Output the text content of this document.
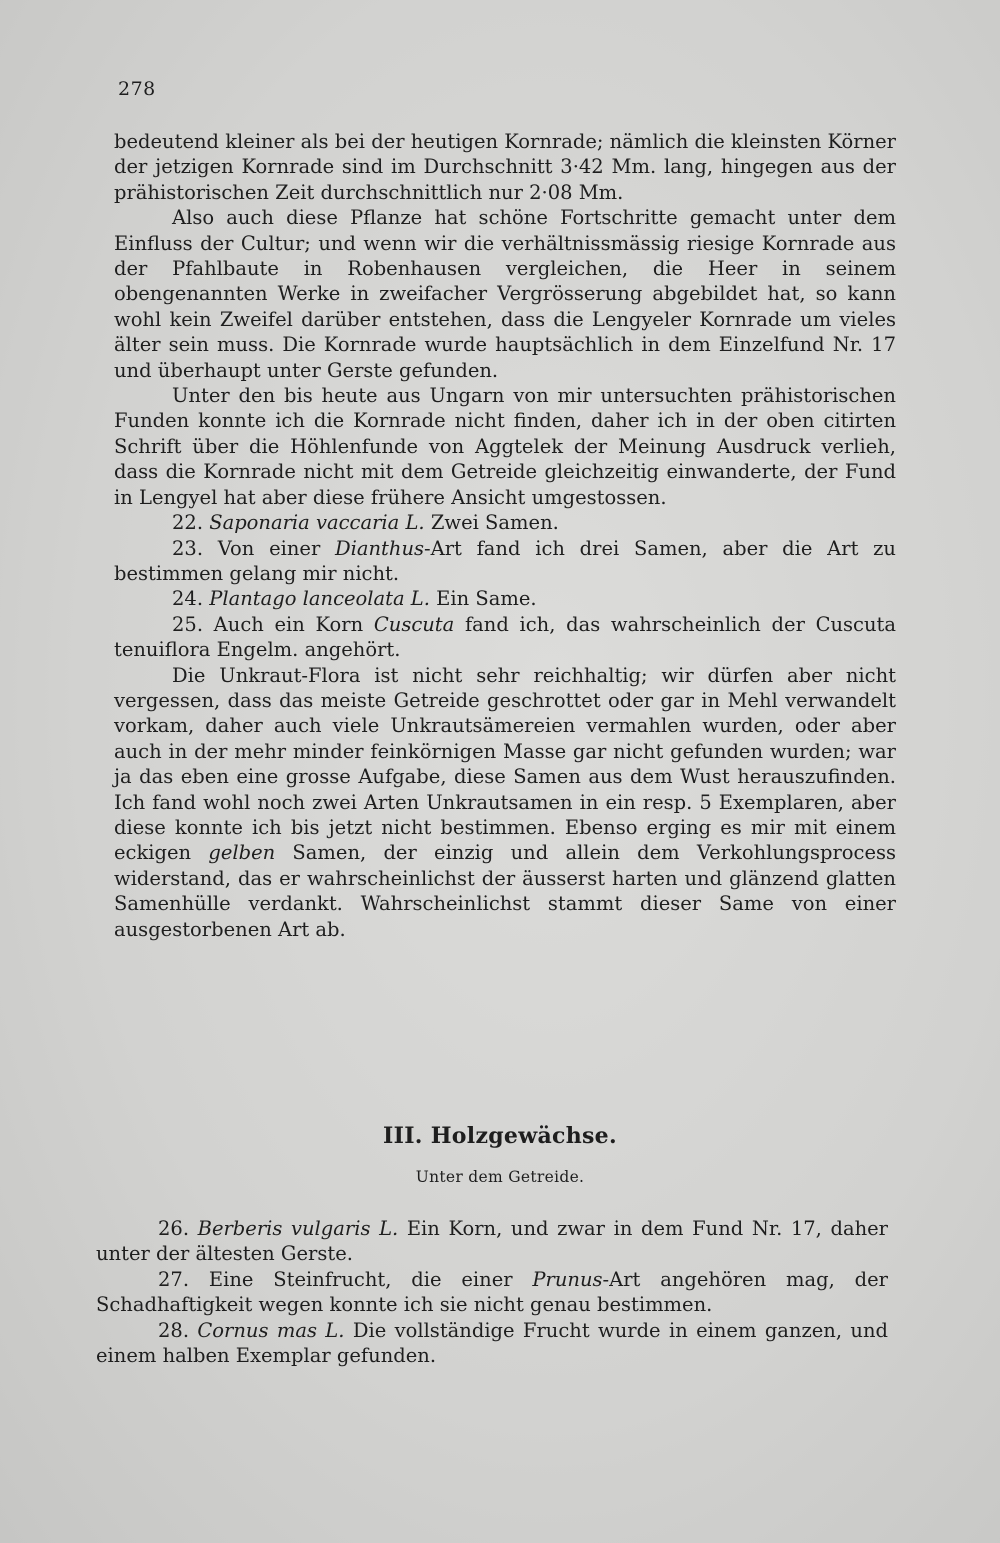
278

bedeutend kleiner als bei der heutigen Kornrade; nämlich die kleinsten Körner der jetzigen Kornrade sind im Durchschnitt 3·42 Mm. lang, hingegen aus der prähistorischen Zeit durchschnittlich nur 2·08 Mm.

Also auch diese Pflanze hat schöne Fortschritte gemacht unter dem Einfluss der Cultur; und wenn wir die verhältnissmässig riesige Kornrade aus der Pfahlbaute in Robenhausen vergleichen, die Heer in seinem obengenannten Werke in zweifacher Vergrösserung abgebildet hat, so kann wohl kein Zweifel darüber entstehen, dass die Lengyeler Kornrade um vieles älter sein muss. Die Kornrade wurde hauptsächlich in dem Einzelfund Nr. 17 und überhaupt unter Gerste gefunden.

Unter den bis heute aus Ungarn von mir untersuchten prähistorischen Funden konnte ich die Kornrade nicht finden, daher ich in der oben citirten Schrift über die Höhlenfunde von Aggtelek der Meinung Ausdruck verlieh, dass die Kornrade nicht mit dem Getreide gleichzeitig einwanderte, der Fund in Lengyel hat aber diese frühere Ansicht umgestossen.

22. Saponaria vaccaria L. Zwei Samen.

23. Von einer Dianthus-Art fand ich drei Samen, aber die Art zu bestimmen gelang mir nicht.

24. Plantago lanceolata L. Ein Same.

25. Auch ein Korn Cuscuta fand ich, das wahrscheinlich der Cuscuta tenuiflora Engelm. angehört.

Die Unkraut-Flora ist nicht sehr reichhaltig; wir dürfen aber nicht vergessen, dass das meiste Getreide geschrottet oder gar in Mehl verwandelt vorkam, daher auch viele Unkrautsämereien vermahlen wurden, oder aber auch in der mehr minder feinkörnigen Masse gar nicht gefunden wurden; war ja das eben eine grosse Aufgabe, diese Samen aus dem Wust herauszufinden. Ich fand wohl noch zwei Arten Unkrautsamen in ein resp. 5 Exemplaren, aber diese konnte ich bis jetzt nicht bestimmen. Ebenso erging es mir mit einem eckigen gelben Samen, der einzig und allein dem Verkohlungsprocess widerstand, das er wahrscheinlichst der äusserst harten und glänzend glatten Samenhülle verdankt. Wahrscheinlichst stammt dieser Same von einer ausgestorbenen Art ab.

III. Holzgewächse.
Unter dem Getreide.

26. Berberis vulgaris L. Ein Korn, und zwar in dem Fund Nr. 17, daher unter der ältesten Gerste.

27. Eine Steinfrucht, die einer Prunus-Art angehören mag, der Schadhaftigkeit wegen konnte ich sie nicht genau bestimmen.

28. Cornus mas L. Die vollständige Frucht wurde in einem ganzen, und einem halben Exemplar gefunden.
